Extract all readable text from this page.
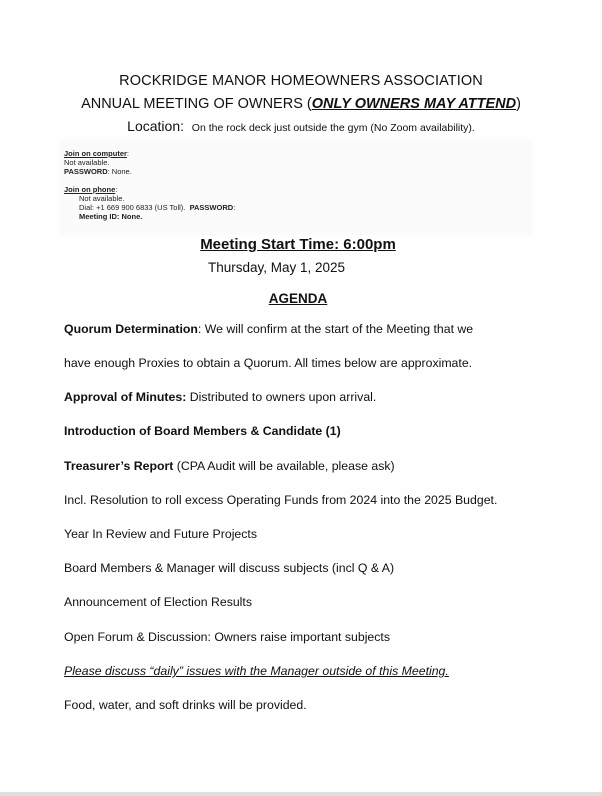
ROCKRIDGE MANOR HOMEOWNERS ASSOCIATION
ANNUAL MEETING OF OWNERS (ONLY OWNERS MAY ATTEND)
Location: On the rock deck just outside the gym (No Zoom availability).
Join on computer:
Not available.
PASSWORD: None.
Join on phone:
Not available.
Dial: +1 669 900 6833 (US Toll). PASSWORD:
Meeting ID: None.
Meeting Start Time: 6:00pm
Thursday, May 1, 2025
AGENDA
Quorum Determination: We will confirm at the start of the Meeting that we
have enough Proxies to obtain a Quorum. All times below are approximate.
Approval of Minutes: Distributed to owners upon arrival.
Introduction of Board Members & Candidate (1)
Treasurer’s Report (CPA Audit will be available, please ask)
Incl. Resolution to roll excess Operating Funds from 2024 into the 2025 Budget.
Year In Review and Future Projects
Board Members & Manager will discuss subjects (incl Q & A)
Announcement of Election Results
Open Forum & Discussion: Owners raise important subjects
Please discuss “daily” issues with the Manager outside of this Meeting.
Food, water, and soft drinks will be provided.
